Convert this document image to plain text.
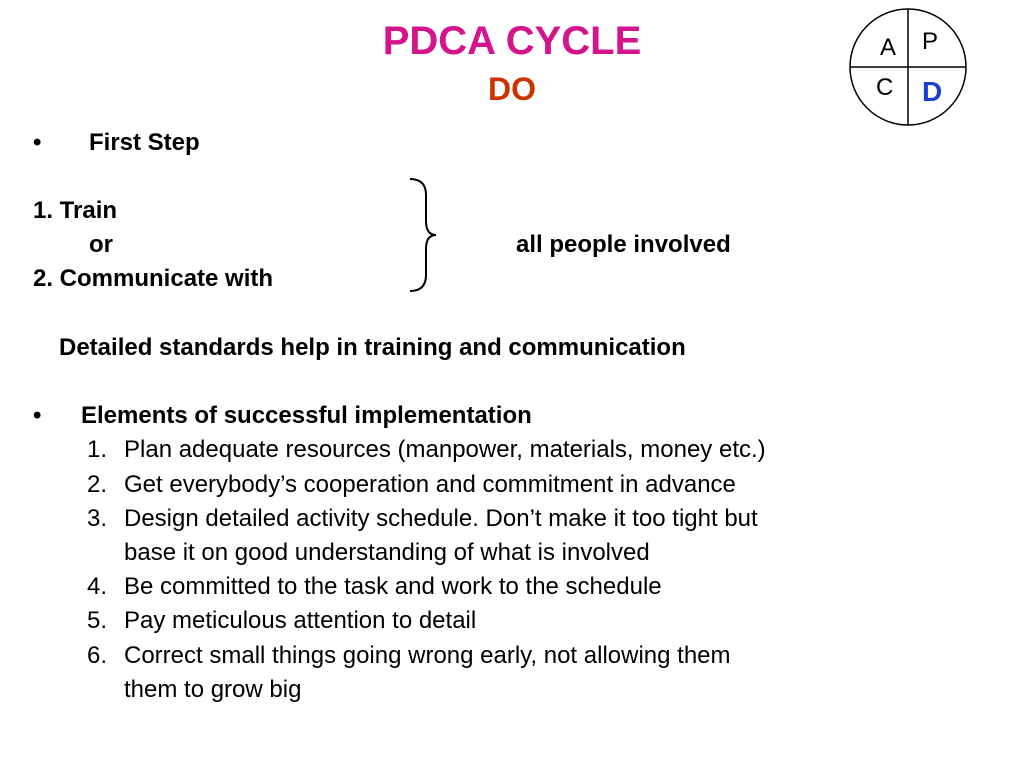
PDCA CYCLE
DO
A P
C D
• First Step
1. Train
or
2. Communicate with
all people involved
Detailed standards help in training and communication
• Elements of successful implementation
1. Plan adequate resources (manpower, materials, money etc.)
2. Get everybody’s cooperation and commitment in advance
3. Design detailed activity schedule. Don’t make it too tight but
base it on good understanding of what is involved
4. Be committed to the task and work to the schedule
5. Pay meticulous attention to detail
6. Correct small things going wrong early, not allowing them
them to grow big
